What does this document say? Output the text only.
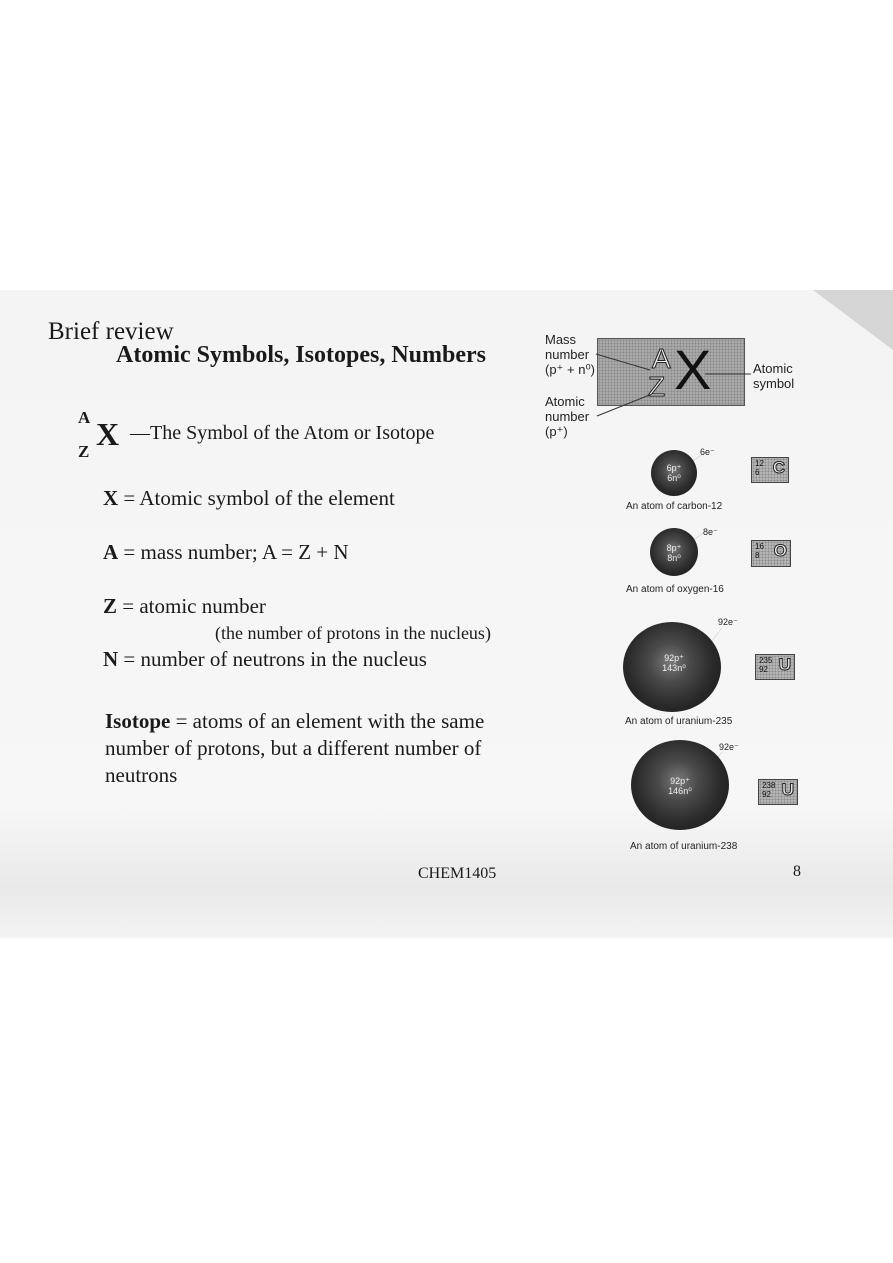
Brief review
Atomic Symbols, Isotopes, Numbers
A
Z X —The Symbol of the Atom or Isotope
X = Atomic symbol of the element
A = mass number; A = Z + N
Z = atomic number
(the number of protons in the nucleus)
N = number of neutrons in the nucleus
Isotope = atoms of an element with the same number of protons, but a different number of neutrons
CHEM1405	8
Mass
number
(p⁺ + n⁰)
Atomic
number
(p⁺)
Atomic
symbol
A
Z X
6p⁺
6n⁰
6e⁻
An atom of carbon-12
12
6 C
8p⁺
8n⁰
8e⁻
An atom of oxygen-16
16
8 O
92p⁺
143n⁰
92e⁻
An atom of uranium-235
235
92 U
92p⁺
146n⁰
92e⁻
An atom of uranium-238
238
92 U
